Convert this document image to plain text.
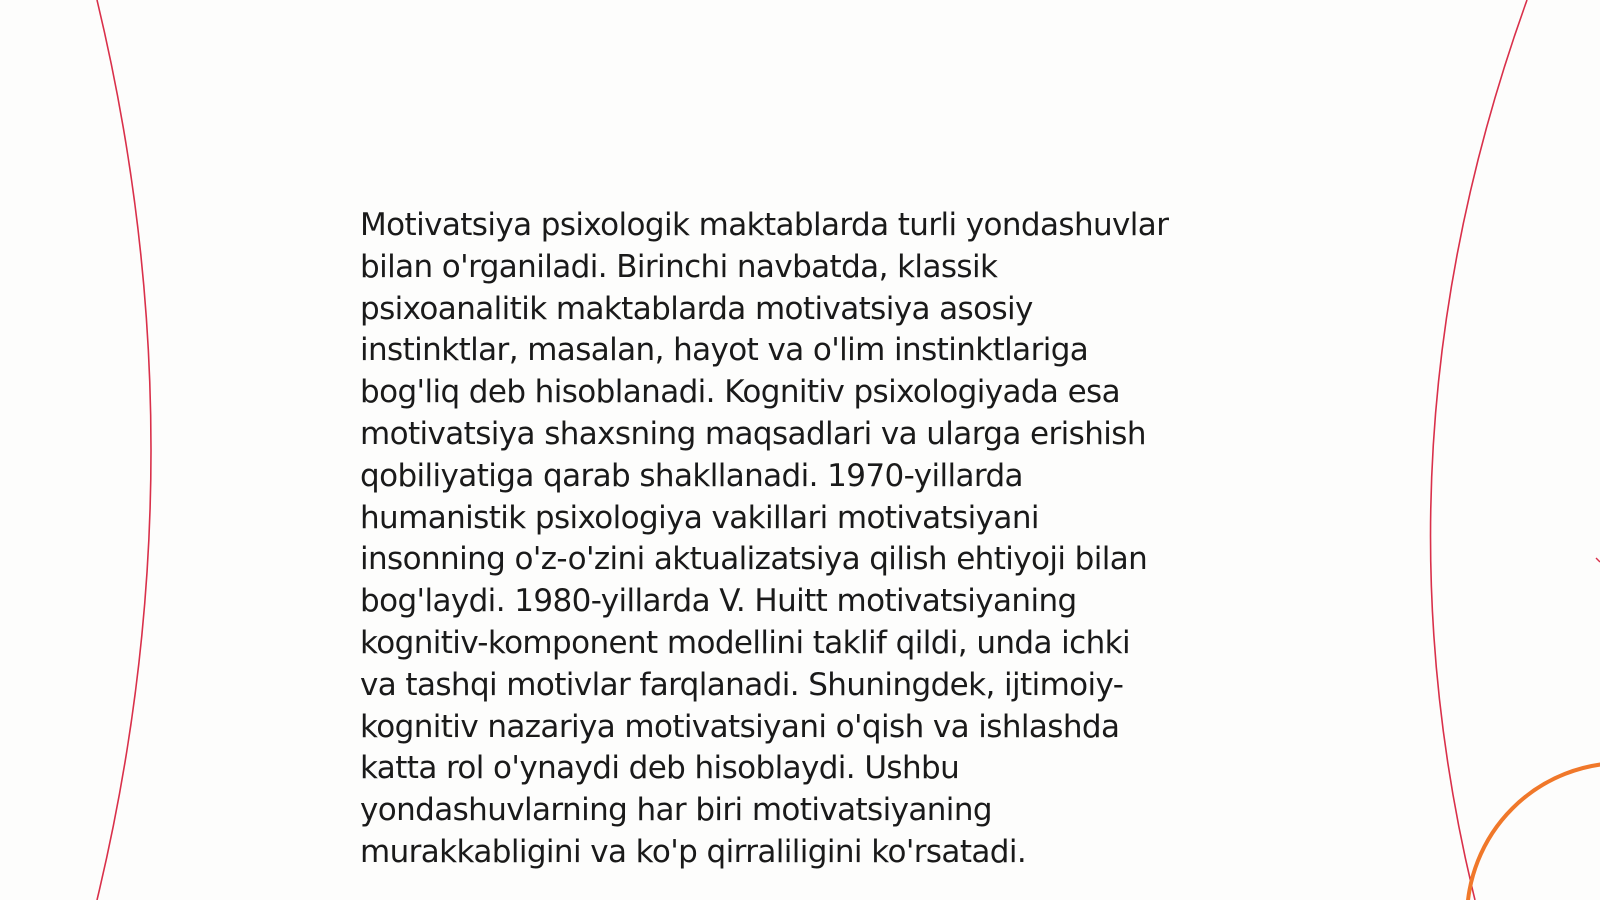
Motivatsiya psixologik maktablarda turli yondashuvlar
bilan o'rganiladi. Birinchi navbatda, klassik
psixoanalitik maktablarda motivatsiya asosiy
instinktlar, masalan, hayot va o'lim instinktlariga
bog'liq deb hisoblanadi. Kognitiv psixologiyada esa
motivatsiya shaxsning maqsadlari va ularga erishish
qobiliyatiga qarab shakllanadi. 1970-yillarda
humanistik psixologiya vakillari motivatsiyani
insonning o'z-o'zini aktualizatsiya qilish ehtiyoji bilan
bog'laydi. 1980-yillarda V. Huitt motivatsiyaning
kognitiv-komponent modellini taklif qildi, unda ichki
va tashqi motivlar farqlanadi. Shuningdek, ijtimoiy-
kognitiv nazariya motivatsiyani o'qish va ishlashda
katta rol o'ynaydi deb hisoblaydi. Ushbu
yondashuvlarning har biri motivatsiyaning
murakkabligini va ko'p qirraliligini ko'rsatadi.
